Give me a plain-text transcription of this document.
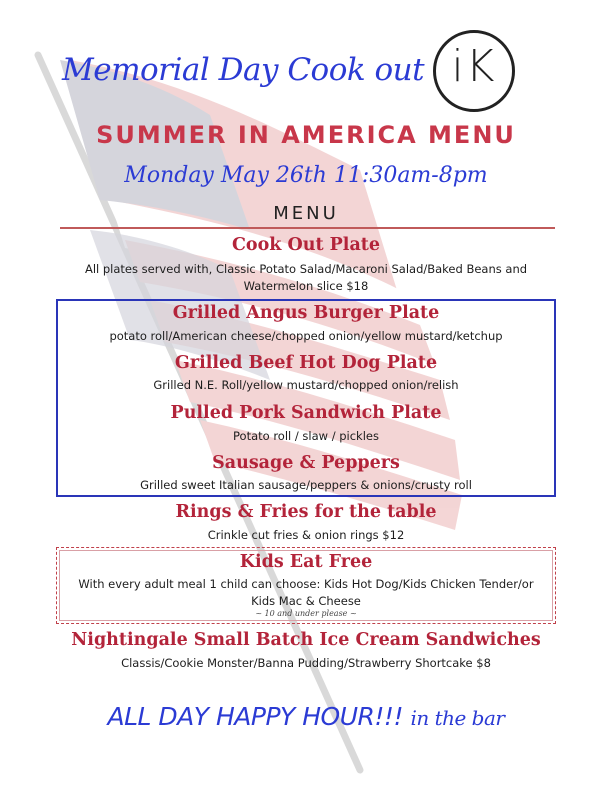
Memorial Day Cook out iK
SUMMER IN AMERICA MENU
Monday May 26th 11:30am-8pm
MENU
Cook Out Plate
All plates served with, Classic Potato Salad/Macaroni Salad/Baked Beans and
Watermelon slice $18
Grilled Angus Burger Plate
potato roll/American cheese/chopped onion/yellow mustard/ketchup
Grilled Beef Hot Dog Plate
Grilled N.E. Roll/yellow mustard/chopped onion/relish
Pulled Pork Sandwich Plate
Potato roll / slaw / pickles
Sausage & Peppers
Grilled sweet Italian sausage/peppers & onions/crusty roll
Rings & Fries for the table
Crinkle cut fries & onion rings $12
Kids Eat Free
With every adult meal 1 child can choose: Kids Hot Dog/Kids Chicken Tender/or
Kids Mac & Cheese
~ 10 and under please ~
Nightingale Small Batch Ice Cream Sandwiches
Classis/Cookie Monster/Banna Pudding/Strawberry Shortcake $8
ALL DAY HAPPY HOUR!!! in the bar
